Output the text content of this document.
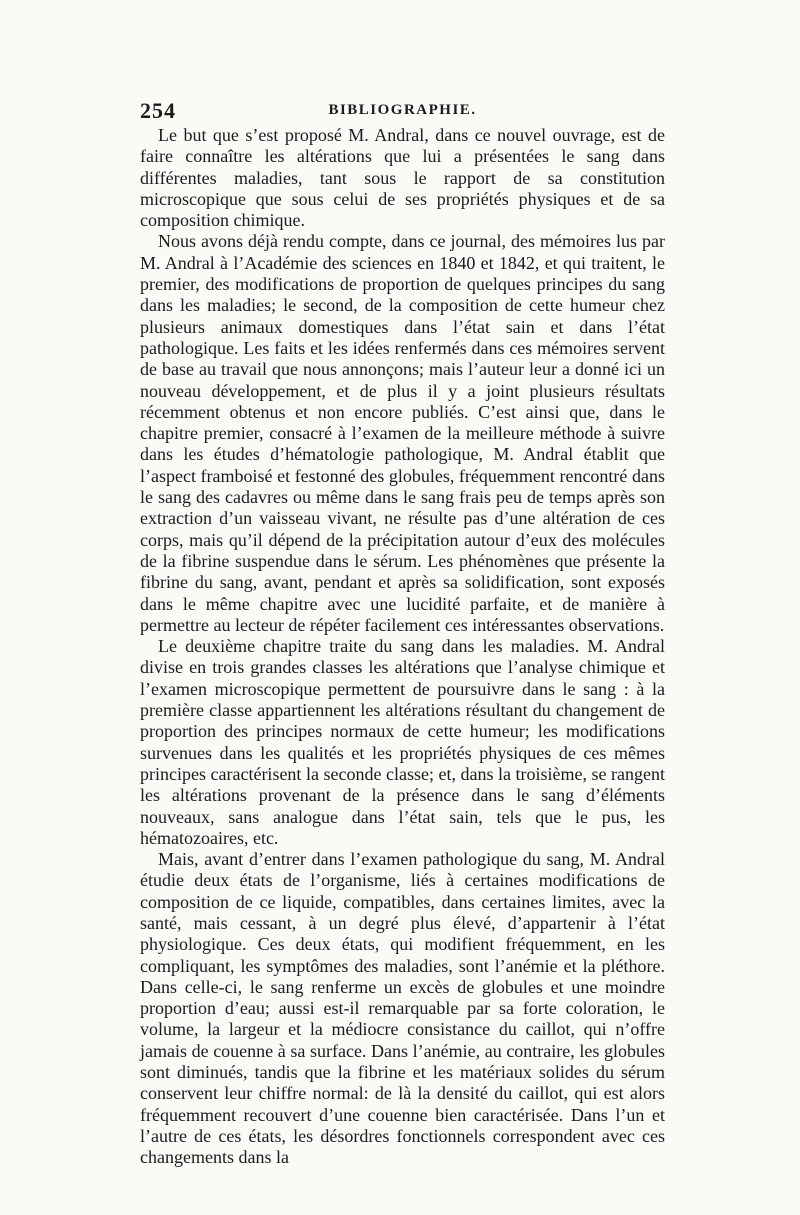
254	BIBLIOGRAPHIE.

Le but que s’est proposé M. Andral, dans ce nouvel ouvrage, est de faire connaître les altérations que lui a présentées le sang dans différentes maladies, tant sous le rapport de sa constitution microscopique que sous celui de ses propriétés physiques et de sa composition chimique.

Nous avons déjà rendu compte, dans ce journal, des mémoires lus par M. Andral à l’Académie des sciences en 1840 et 1842, et qui traitent, le premier, des modifications de proportion de quelques principes du sang dans les maladies; le second, de la composition de cette humeur chez plusieurs animaux domestiques dans l’état sain et dans l’état pathologique. Les faits et les idées renfermés dans ces mémoires servent de base au travail que nous annonçons; mais l’auteur leur a donné ici un nouveau développement, et de plus il y a joint plusieurs résultats récemment obtenus et non encore publiés. C’est ainsi que, dans le chapitre premier, consacré à l’examen de la meilleure méthode à suivre dans les études d’hématologie pathologique, M. Andral établit que l’aspect framboisé et festonné des globules, fréquemment rencontré dans le sang des cadavres ou même dans le sang frais peu de temps après son extraction d’un vaisseau vivant, ne résulte pas d’une altération de ces corps, mais qu’il dépend de la précipitation autour d’eux des molécules de la fibrine suspendue dans le sérum. Les phénomènes que présente la fibrine du sang, avant, pendant et après sa solidification, sont exposés dans le même chapitre avec une lucidité parfaite, et de manière à permettre au lecteur de répéter facilement ces intéressantes observations.

Le deuxième chapitre traite du sang dans les maladies. M. Andral divise en trois grandes classes les altérations que l’analyse chimique et l’examen microscopique permettent de poursuivre dans le sang : à la première classe appartiennent les altérations résultant du changement de proportion des principes normaux de cette humeur; les modifications survenues dans les qualités et les propriétés physiques de ces mêmes principes caractérisent la seconde classe; et, dans la troisième, se rangent les altérations provenant de la présence dans le sang d’éléments nouveaux, sans analogue dans l’état sain, tels que le pus, les hématozoaires, etc.

Mais, avant d’entrer dans l’examen pathologique du sang, M. Andral étudie deux états de l’organisme, liés à certaines modifications de composition de ce liquide, compatibles, dans certaines limites, avec la santé, mais cessant, à un degré plus élevé, d’appartenir à l’état physiologique. Ces deux états, qui modifient fréquemment, en les compliquant, les symptômes des maladies, sont l’anémie et la pléthore. Dans celle-ci, le sang renferme un excès de globules et une moindre proportion d’eau; aussi est-il remarquable par sa forte coloration, le volume, la largeur et la médiocre consistance du caillot, qui n’offre jamais de couenne à sa surface. Dans l’anémie, au contraire, les globules sont diminués, tandis que la fibrine et les matériaux solides du sérum conservent leur chiffre normal: de là la densité du caillot, qui est alors fréquemment recouvert d’une couenne bien caractérisée. Dans l’un et l’autre de ces états, les désordres fonctionnels correspondent avec ces changements dans la
